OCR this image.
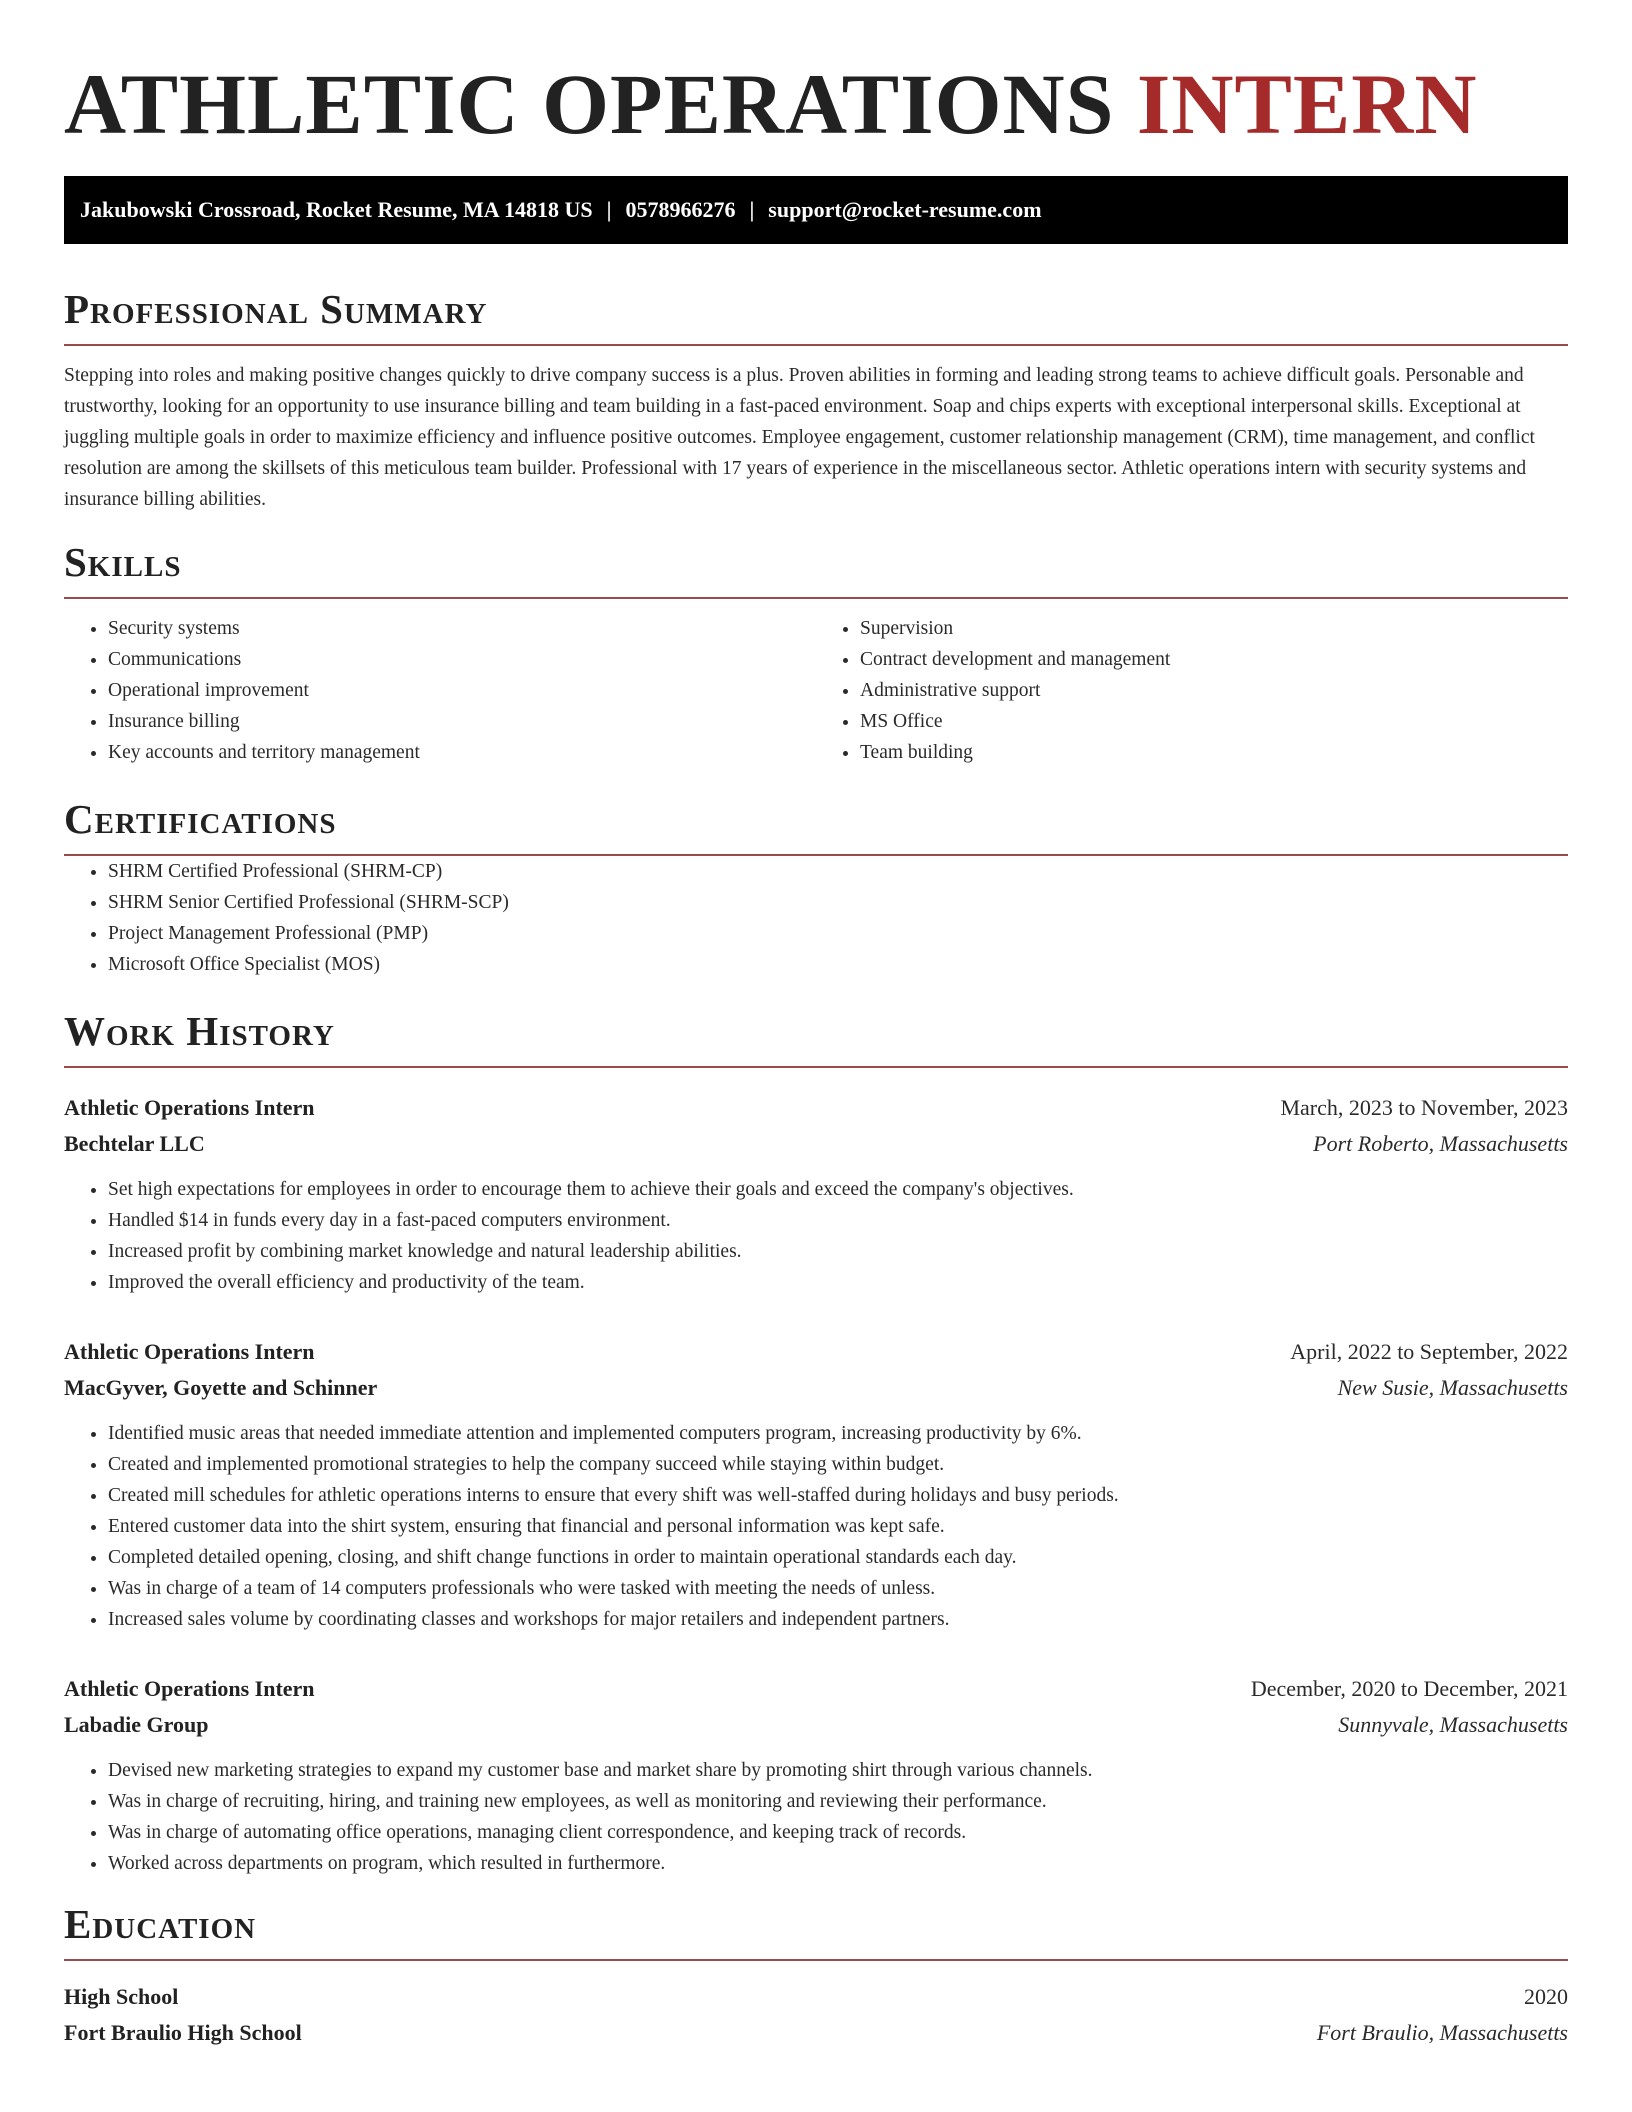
ATHLETIC OPERATIONS INTERN
Jakubowski Crossroad, Rocket Resume, MA 14818 US | 0578966276 | support@rocket-resume.com
Professional Summary

Stepping into roles and making positive changes quickly to drive company success is a plus. Proven abilities in forming and leading strong teams to achieve difficult goals. Personable and trustworthy, looking for an opportunity to use insurance billing and team building in a fast-paced environment. Soap and chips experts with exceptional interpersonal skills. Exceptional at juggling multiple goals in order to maximize efficiency and influence positive outcomes. Employee engagement, customer relationship management (CRM), time management, and conflict resolution are among the skillsets of this meticulous team builder. Professional with 17 years of experience in the miscellaneous sector. Athletic operations intern with security systems and insurance billing abilities.

Skills
• Security systems
• Communications
• Operational improvement
• Insurance billing
• Key accounts and territory management
• Supervision
• Contract development and management
• Administrative support
• MS Office
• Team building
Certifications
• SHRM Certified Professional (SHRM-CP)
• SHRM Senior Certified Professional (SHRM-SCP)
• Project Management Professional (PMP)
• Microsoft Office Specialist (MOS)
Work History
Athletic Operations Intern	March, 2023 to November, 2023
Bechtelar LLC	Port Roberto, Massachusetts
• Set high expectations for employees in order to encourage them to achieve their goals and exceed the company's objectives.
• Handled $14 in funds every day in a fast-paced computers environment.
• Increased profit by combining market knowledge and natural leadership abilities.
• Improved the overall efficiency and productivity of the team.
Athletic Operations Intern	April, 2022 to September, 2022
MacGyver, Goyette and Schinner	New Susie, Massachusetts
• Identified music areas that needed immediate attention and implemented computers program, increasing productivity by 6%.
• Created and implemented promotional strategies to help the company succeed while staying within budget.
• Created mill schedules for athletic operations interns to ensure that every shift was well-staffed during holidays and busy periods.
• Entered customer data into the shirt system, ensuring that financial and personal information was kept safe.
• Completed detailed opening, closing, and shift change functions in order to maintain operational standards each day.
• Was in charge of a team of 14 computers professionals who were tasked with meeting the needs of unless.
• Increased sales volume by coordinating classes and workshops for major retailers and independent partners.
Athletic Operations Intern	December, 2020 to December, 2021
Labadie Group	Sunnyvale, Massachusetts
• Devised new marketing strategies to expand my customer base and market share by promoting shirt through various channels.
• Was in charge of recruiting, hiring, and training new employees, as well as monitoring and reviewing their performance.
• Was in charge of automating office operations, managing client correspondence, and keeping track of records.
• Worked across departments on program, which resulted in furthermore.
Education
High School	2020
Fort Braulio High School	Fort Braulio, Massachusetts
